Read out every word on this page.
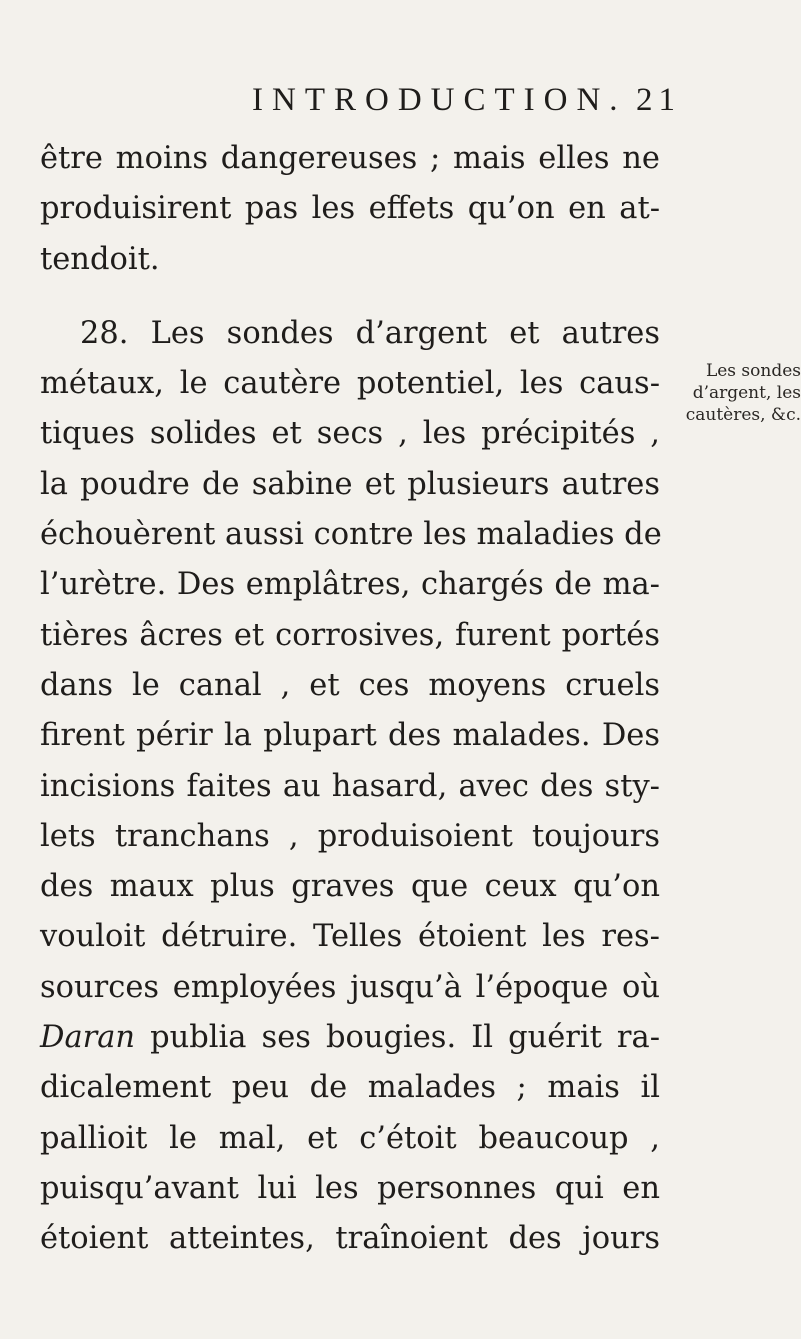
INTRODUCTION. 21
être moins dangereuses ; mais elles ne
produisirent pas les effets qu’on en at-
tendoit.
28. Les sondes d’argent et autres
métaux, le cautère potentiel, les caus-
tiques solides et secs , les précipités ,
la poudre de sabine et plusieurs autres
échouèrent aussi contre les maladies de
l’urètre. Des emplâtres, chargés de ma-
tières âcres et corrosives, furent portés
dans le canal , et ces moyens cruels
firent périr la plupart des malades. Des
incisions faites au hasard, avec des sty-
lets tranchans , produisoient toujours
des maux plus graves que ceux qu’on
vouloit détruire. Telles étoient les res-
sources employées jusqu’à l’époque où
Daran publia ses bougies. Il guérit ra-
dicalement peu de malades ; mais il
pallioit le mal, et c’étoit beaucoup ,
puisqu’avant lui les personnes qui en
étoient atteintes, traînoient des jours
Les sondes
d’argent, les
cautères, &c.
